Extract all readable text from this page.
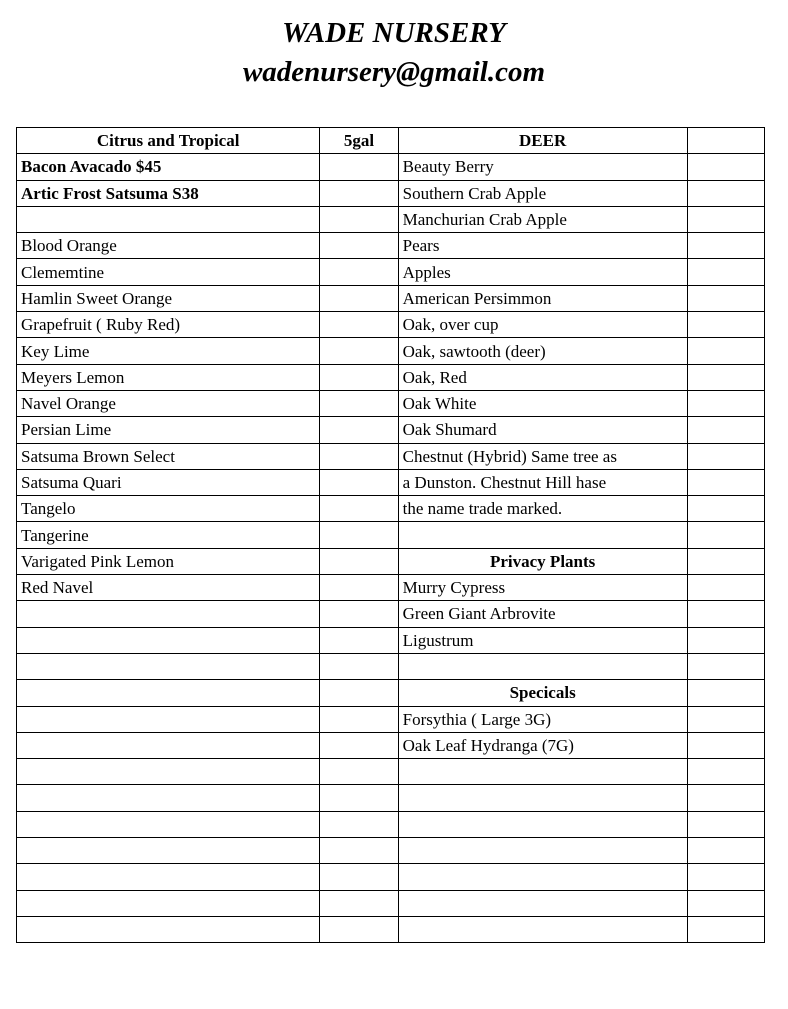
WADE NURSERY
wadenursery@gmail.com
Citrus and Tropical	5gal	DEER	
Bacon Avacado $45		Beauty Berry	
Artic Frost Satsuma S38		Southern Crab Apple	
		Manchurian Crab Apple	
Blood Orange		Pears	
Clememtine		Apples	
Hamlin Sweet Orange		American Persimmon	
Grapefruit ( Ruby Red)		Oak, over cup	
Key Lime		Oak, sawtooth (deer)	
Meyers Lemon		Oak, Red	
Navel Orange		Oak White	
Persian Lime		Oak Shumard	
Satsuma Brown Select		Chestnut (Hybrid) Same tree as	
Satsuma Quari		a Dunston. Chestnut Hill hase	
Tangelo		the name trade marked.	
Tangerine			
Varigated Pink Lemon		Privacy Plants	
Red Navel		Murry Cypress	
		Green Giant Arbrovite	
		Ligustrum	

		Specicals	
		Forsythia ( Large 3G)	
		Oak Leaf Hydranga (7G)	
